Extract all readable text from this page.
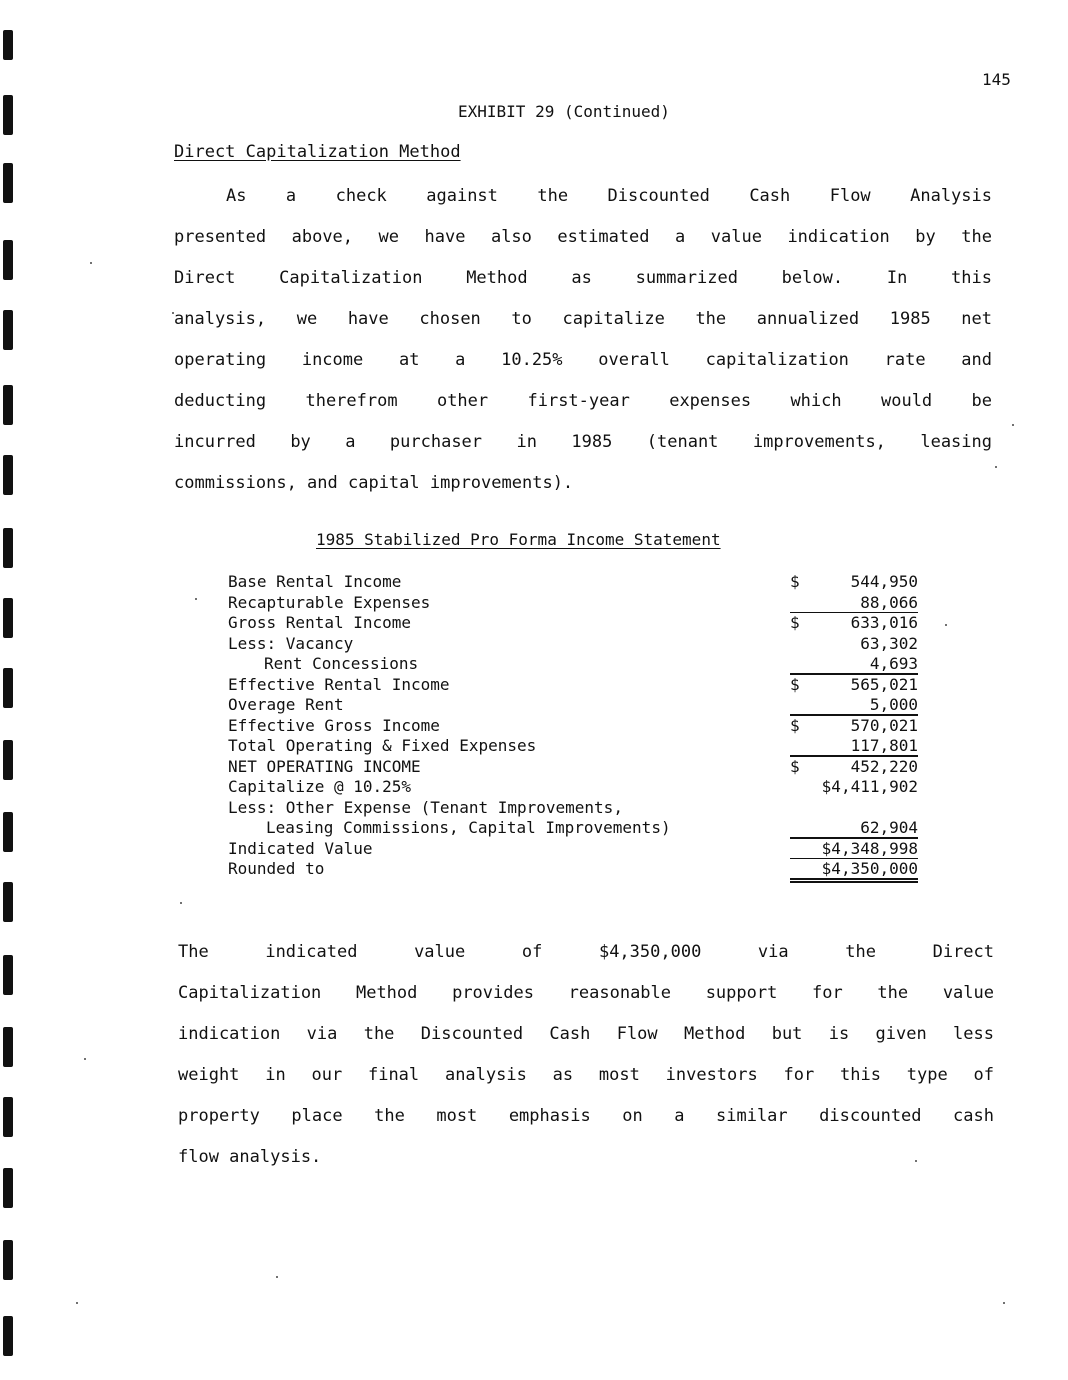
145
EXHIBIT 29 (Continued)
Direct Capitalization Method
As a check against the Discounted Cash Flow Analysis
presented above, we have also estimated a value indication by the
Direct Capitalization Method as summarized below. In this
analysis, we have chosen to capitalize the annualized 1985 net
operating income at a 10.25% overall capitalization rate and
deducting therefrom other first-year expenses which would be
incurred by a purchaser in 1985 (tenant improvements, leasing
commissions, and capital improvements).
1985 Stabilized Pro Forma Income Statement
Base Rental Income	$	544,950
Recapturable Expenses	88,066
Gross Rental Income	$	633,016
Less: Vacancy	63,302
Rent Concessions	4,693
Effective Rental Income	$	565,021
Overage Rent	5,000
Effective Gross Income	$	570,021
Total Operating & Fixed Expenses	117,801
NET OPERATING INCOME	$	452,220
Capitalize @ 10.25%	$4,411,902
Less: Other Expense (Tenant Improvements,
Leasing Commissions, Capital Improvements)	62,904
Indicated Value	$4,348,998
Rounded to	$4,350,000
The indicated value of $4,350,000 via the Direct
Capitalization Method provides reasonable support for the value
indication via the Discounted Cash Flow Method but is given less
weight in our final analysis as most investors for this type of
property place the most emphasis on a similar discounted cash
flow analysis.
